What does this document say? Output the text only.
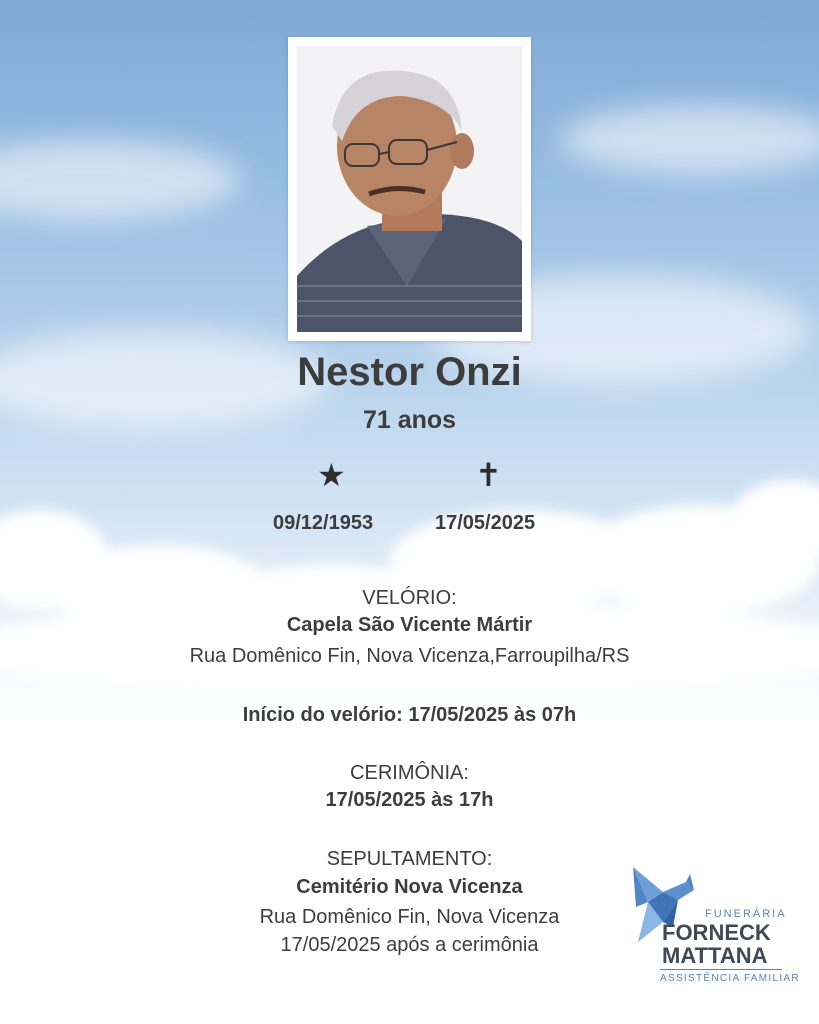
Nestor Onzi
71 anos
★	✝
09/12/1953	17/05/2025
VELÓRIO:
Capela São Vicente Mártir
Rua Domênico Fin, Nova Vicenza,Farroupilha/RS
Início do velório: 17/05/2025 às 07h
CERIMÔNIA:
17/05/2025 às 17h
SEPULTAMENTO:
Cemitério Nova Vicenza
Rua Domênico Fin, Nova Vicenza
17/05/2025 após a cerimônia
FUNERÁRIA
FORNECK
MATTANA
ASSISTÊNCIA FAMILIAR
